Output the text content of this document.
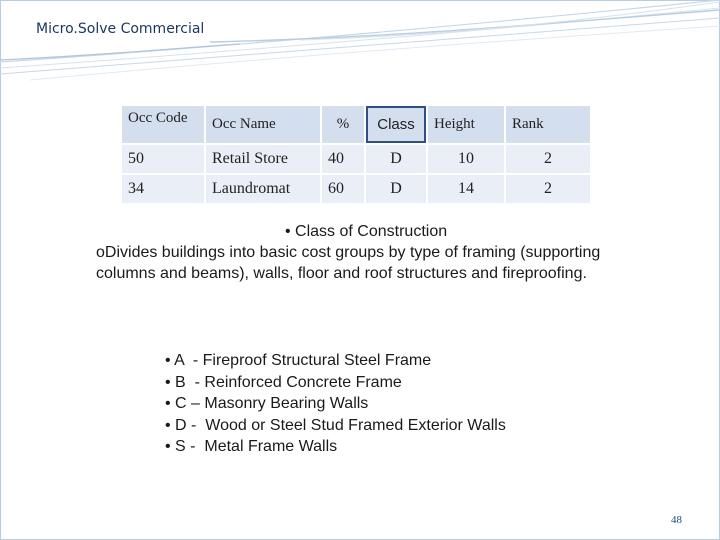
Micro.Solve Commercial
Occ Code	Occ Name	%	Class	Height	Rank
50	Retail Store	40	D	10	2
34	Laundromat	60	D	14	2
• Class of Construction
oDivides buildings into basic cost groups by type of framing (supporting columns and beams), walls, floor and roof structures and fireproofing.
• A  - Fireproof Structural Steel Frame
• B  - Reinforced Concrete Frame
• C – Masonry Bearing Walls
• D -  Wood or Steel Stud Framed Exterior Walls
• S -  Metal Frame Walls
48
